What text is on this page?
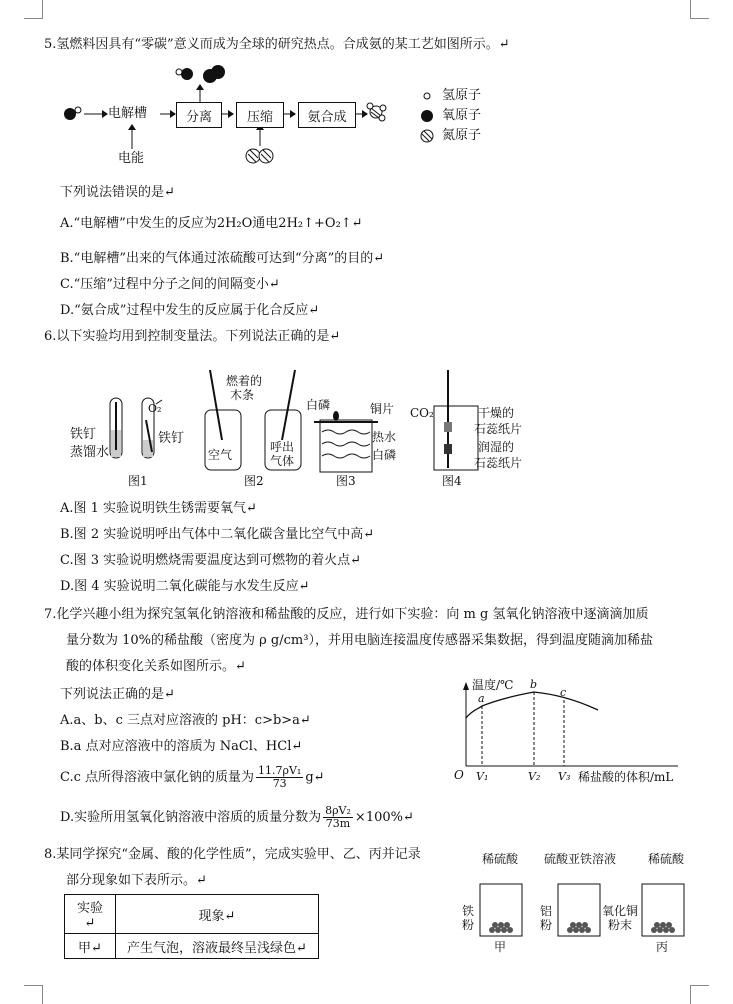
5.氢燃料因具有“零碳”意义而成为全球的研究热点。合成氨的某工艺如图所示。↵
电解槽	分离	压缩	氨合成
电能
氢原子
氧原子
氮原子
下列说法错误的是↵
A.“电解槽”中发生的反应为2H₂O通电2H₂↑+O₂↑↵
B.“电解槽”出来的气体通过浓硫酸可达到“分离”的目的↵
C.“压缩”过程中分子之间的间隔变小↵
D.“氨合成”过程中发生的反应属于化合反应↵
6.以下实验均用到控制变量法。下列说法正确的是↵
O₂
铁钉
蒸馏水
铁钉
图1
燃着的
木条
空气
呼出
气体
图2
白磷	铜片
热水
白磷
图3
CO₂	干燥的
石蕊纸片
润湿的
石蕊纸片
图4
A.图 1 实验说明铁生锈需要氧气↵
B.图 2 实验说明呼出气体中二氧化碳含量比空气中高↵
C.图 3 实验说明燃烧需要温度达到可燃物的着火点↵
D.图 4 实验说明二氧化碳能与水发生反应↵
7.化学兴趣小组为探究氢氧化钠溶液和稀盐酸的反应，进行如下实验：向 m g 氢氧化钠溶液中逐滴滴加质
量分数为 10%的稀盐酸（密度为 ρ g/cm³），并用电脑连接温度传感器采集数据，得到温度随滴加稀盐
酸的体积变化关系如图所示。↵
下列说法正确的是↵
A.a、b、c 三点对应溶液的 pH：c>b>a↵
B.a 点对应溶液中的溶质为 NaCl、HCl↵
C.c 点所得溶液中氯化钠的质量为 $\frac{\text{11.7ρV₁}}{73}$ g↵
D.实验所用氢氧化钠溶液中溶质的质量分数为 $\frac{\text{8ρV₂}}{73m}$ ×100%↵
温度/℃
O V₁	V₂ V₃ 稀盐酸的体积/mL
a
b
c
8.某同学探究“金属、酸的化学性质”，完成实验甲、乙、丙并记录
部分现象如下表所示。↵
实验↵	现象↵
甲↵	产生气泡，溶液最终呈浅绿色↵
稀硫酸 硫酸亚铁溶液	稀硫酸
铁
粉
铝
粉
氧化铜
粉末
甲	丙
